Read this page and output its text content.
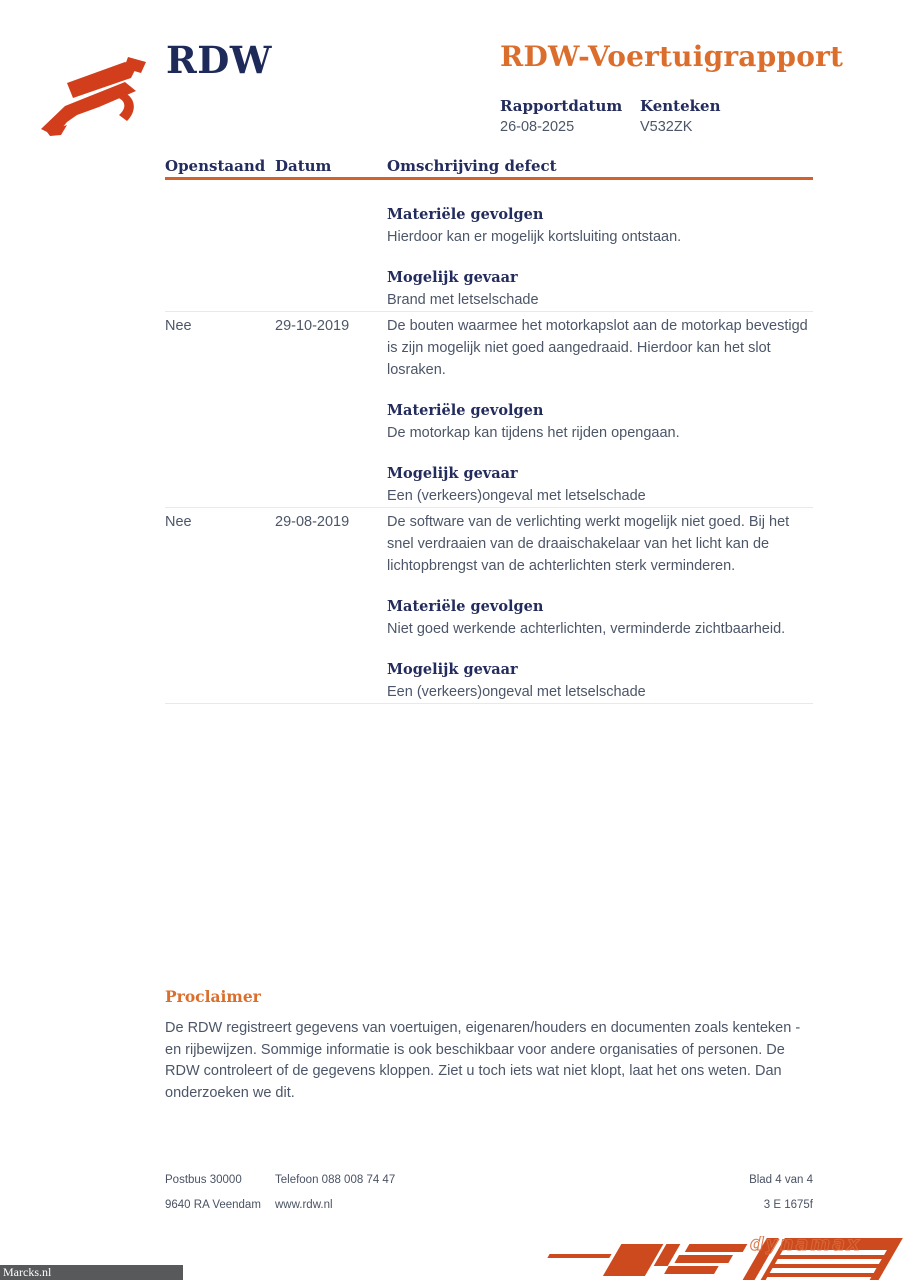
RDW	RDW-Voertuigrapport
Rapportdatum	Kenteken
26-08-2025	V532ZK
Openstaand Datum	Omschrijving defect
Materiële gevolgen

Hierdoor kan er mogelijk kortsluiting ontstaan.

Mogelijk gevaar

Brand met letselschade

Nee	29-10-2019	De bouten waarmee het motorkapslot aan de motorkap bevestigd is zijn mogelijk niet goed aangedraaid. Hierdoor kan het slot losraken.

Materiële gevolgen

De motorkap kan tijdens het rijden opengaan.

Mogelijk gevaar

Een (verkeers)ongeval met letselschade

Nee	29-08-2019	De software van de verlichting werkt mogelijk niet goed. Bij het snel verdraaien van de draaischakelaar van het licht kan de lichtopbrengst van de achterlichten sterk verminderen.

Materiële gevolgen

Niet goed werkende achterlichten, verminderde zichtbaarheid.

Mogelijk gevaar

Een (verkeers)ongeval met letselschade

Proclaimer

De RDW registreert gegevens van voertuigen, eigenaren/houders en documenten zoals kenteken - en rijbewijzen. Sommige informatie is ook beschikbaar voor andere organisaties of personen. De RDW controleert of de gegevens kloppen. Ziet u toch iets wat niet klopt, laat het ons weten. Dan onderzoeken we dit.

Postbus 30000	Telefoon 088 008 74 47	Blad 4 van 4
9640 RA Veendam	www.rdw.nl	3 E 1675f
Marcks.nl
dynamax
